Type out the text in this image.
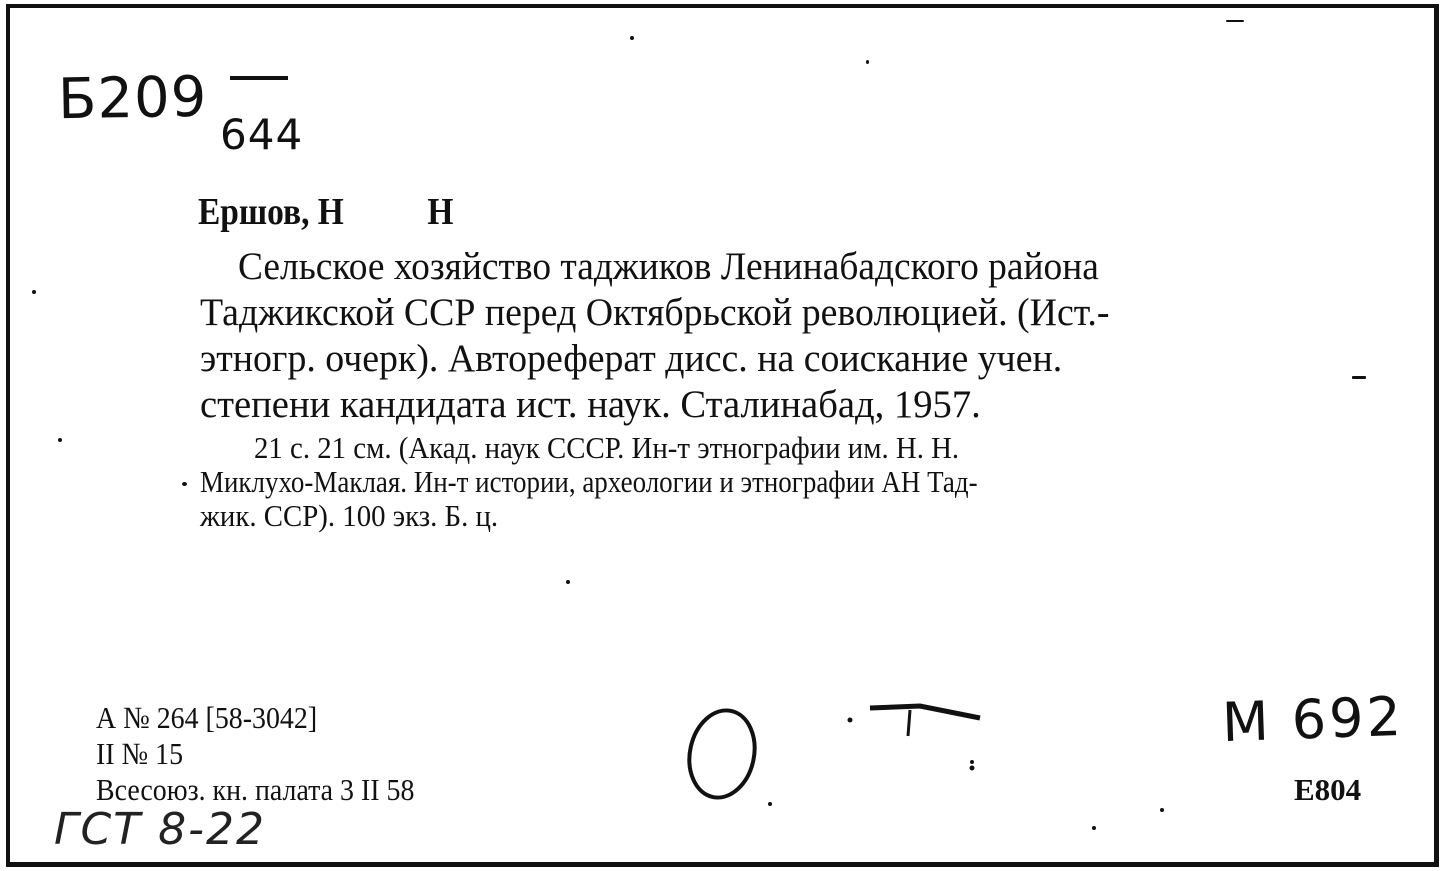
Б209
644
Ершов, Н          Н
Сельское хозяйство таджиков Ленинабадского района
Таджикской ССР перед Октябрьской революцией. (Ист.-
этногр. очерк). Автореферат дисс. на соискание учен.
степени кандидата ист. наук. Сталинабад, 1957.
21 с. 21 см. (Акад. наук СССР. Ин-т этнографии им. Н. Н.
Миклухо-Маклая. Ин-т истории, археологии и этнографии АН Тад-
жик. ССР). 100 экз. Б. ц.
А № 264 [58-3042]
II № 15
Всесоюз. кн. палата 3 II 58
ГСТ 8-22
М 692
Е804
